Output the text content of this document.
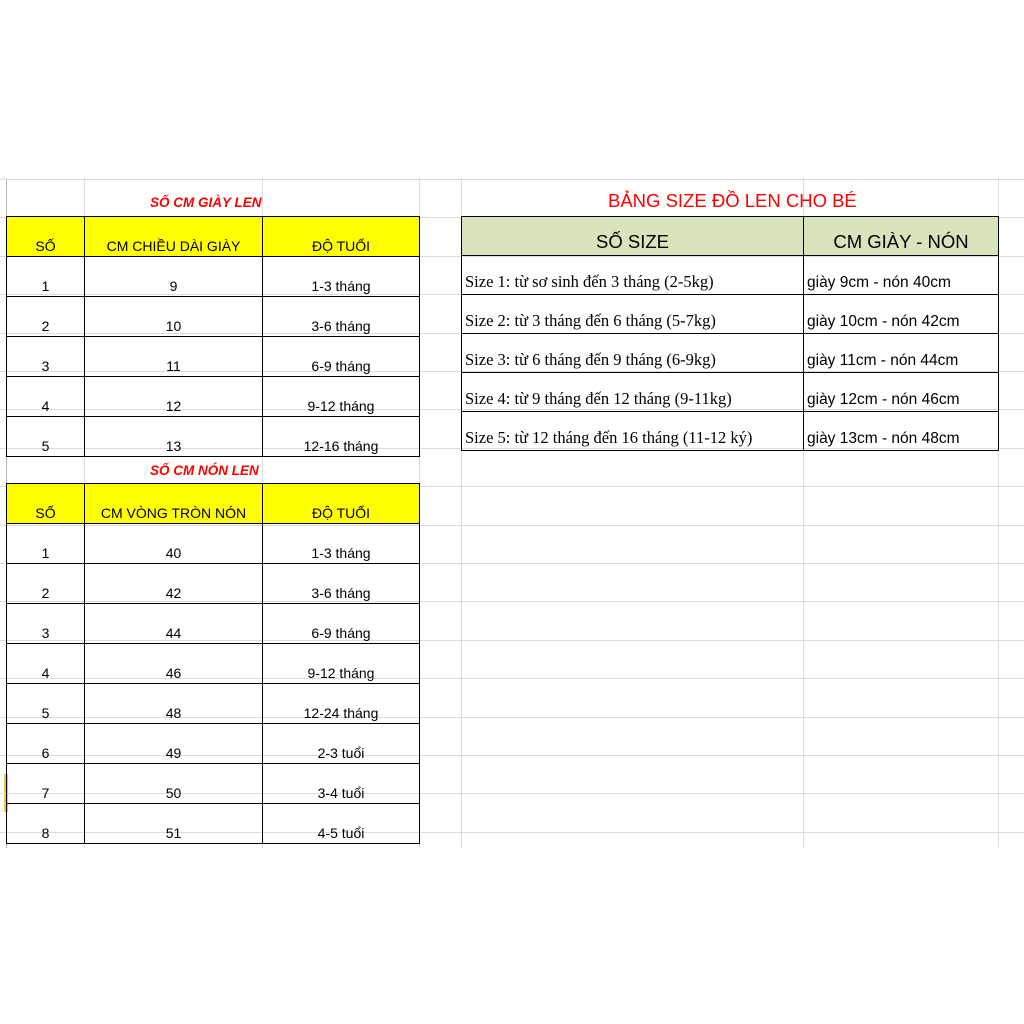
SỐ CM GIÀY LEN
SỐ	CM CHIỀU DÀI GIÀY	ĐỘ TUỔI
1	9	1-3 tháng
2	10	3-6 tháng
3	11	6-9 tháng
4	12	9-12 tháng
5	13	12-16 tháng
SỐ CM NÓN LEN
SỐ	CM VÒNG TRÒN NÓN	ĐỘ TUỔI
1	40	1-3 tháng
2	42	3-6 tháng
3	44	6-9 tháng
4	46	9-12 tháng
5	48	12-24 tháng
6	49	2-3 tuổi
7	50	3-4 tuổi
8	51	4-5 tuổi
BẢNG SIZE ĐỒ LEN CHO BÉ
SỐ SIZE	CM GIÀY - NÓN
Size 1: từ sơ sinh đến 3 tháng (2-5kg)	giày 9cm - nón 40cm
Size 2: từ 3 tháng đến 6 tháng (5-7kg)	giày 10cm - nón 42cm
Size 3: từ 6 tháng đến 9 tháng (6-9kg)	giày 11cm - nón 44cm
Size 4: từ 9 tháng đến 12 tháng (9-11kg)	giày 12cm - nón 46cm
Size 5: từ 12 tháng đến 16 tháng (11-12 ký)	giày 13cm - nón 48cm
